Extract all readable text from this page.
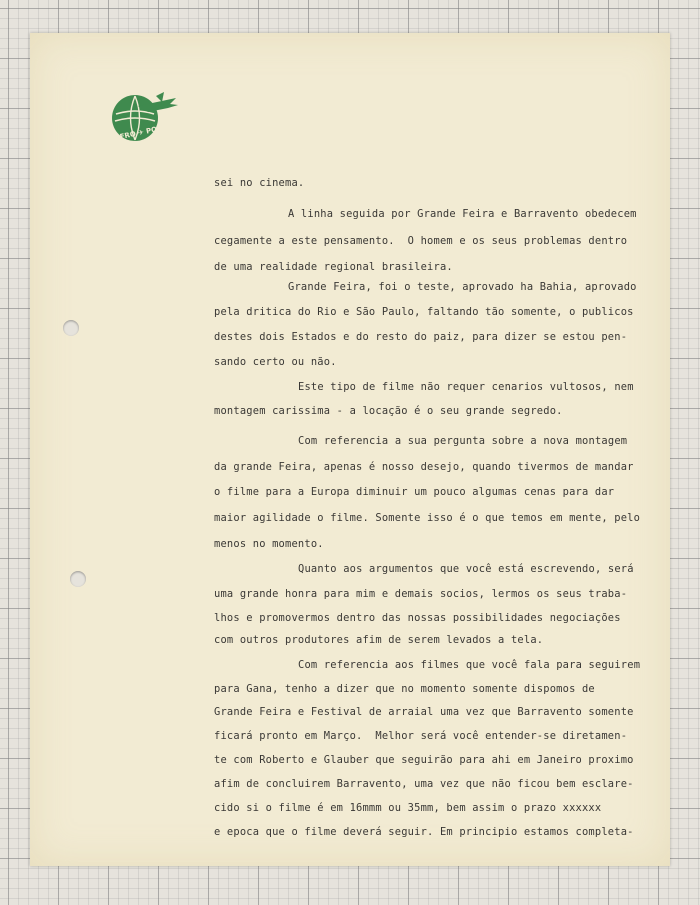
AFRO ✈ POST
sei no cinema.
A linha seguida por Grande Feira e Barravento obedecem
cegamente a este pensamento.  O homem e os seus problemas dentro
de uma realidade regional brasileira.
Grande Feira, foi o teste, aprovado ha Bahia, aprovado
pela dritica do Rio e São Paulo, faltando tão somente, o publicos
destes dois Estados e do resto do paiz, para dizer se estou pen-
sando certo ou não.
Este tipo de filme não requer cenarios vultosos, nem
montagem carissima - a locação é o seu grande segredo.
Com referencia a sua pergunta sobre a nova montagem
da grande Feira, apenas é nosso desejo, quando tivermos de mandar
o filme para a Europa diminuir um pouco algumas cenas para dar
maior agilidade o filme. Somente isso é o que temos em mente, pelo
menos no momento.
Quanto aos argumentos que você está escrevendo, será
uma grande honra para mim e demais socios, lermos os seus traba-
lhos e promovermos dentro das nossas possibilidades negociações
com outros produtores afim de serem levados a tela.
Com referencia aos filmes que você fala para seguirem
para Gana, tenho a dizer que no momento somente dispomos de
Grande Feira e Festival de arraial uma vez que Barravento somente
ficará pronto em Março.  Melhor será você entender-se diretamen-
te com Roberto e Glauber que seguirão para ahi em Janeiro proximo
afim de concluirem Barravento, uma vez que não ficou bem esclare-
cido si o filme é em 16mmm ou 35mm, bem assim o prazo xxxxxx
e epoca que o filme deverá seguir. Em principio estamos completa-
